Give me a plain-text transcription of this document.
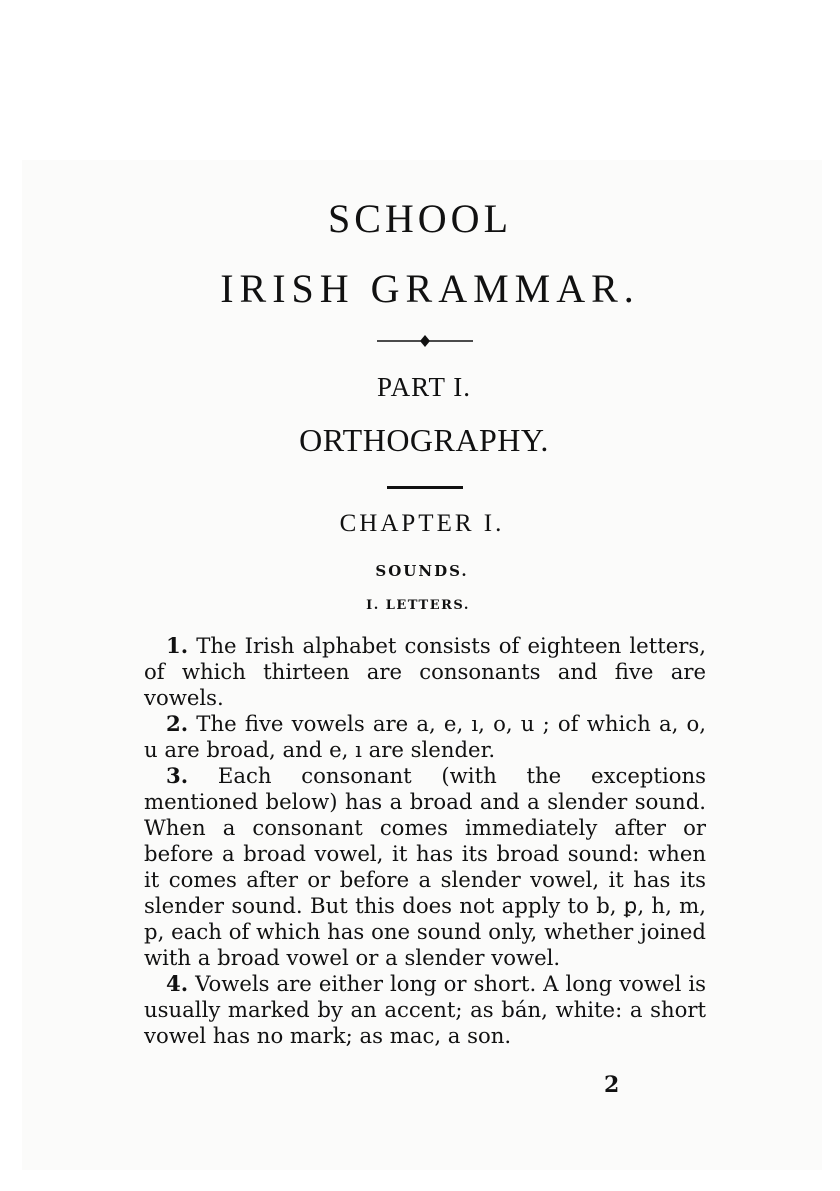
SCHOOL
IRISH GRAMMAR.
PART I.
ORTHOGRAPHY.
CHAPTER I.
SOUNDS.
I. LETTERS.

1. The Irish alphabet consists of eighteen letters, of which thirteen are consonants and five are vowels.

2. The five vowels are a, e, ı, o, u ; of which a, o, u are broad, and e, ı are slender.

3. Each consonant (with the exceptions mentioned below) has a broad and a slender sound. When a consonant comes immediately after or before a broad vowel, it has its broad sound: when it comes after or before a slender vowel, it has its slender sound. But this does not apply to b, ꝑ, h, m, p, each of which has one sound only, whether joined with a broad vowel or a slender vowel.

4. Vowels are either long or short. A long vowel is usually marked by an accent; as bán, white: a short vowel has no mark; as mac, a son.

2
